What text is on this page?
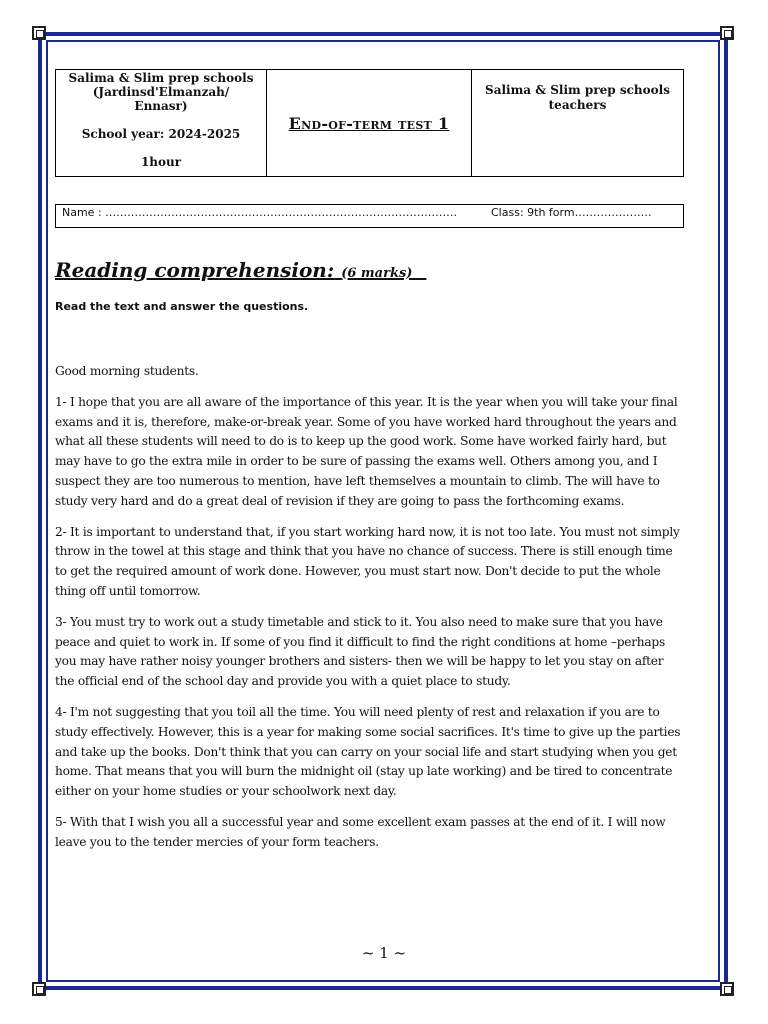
Salima & Slim prep schools
(Jardinsd'Elmanzah/
Ennasr)
School year: 2024-2025
1hour
End-of-term test 1
Salima & Slim prep schools
teachers
Name : ……………………………………………………………………………………	Class: 9th form…………………
Reading comprehension: (6 marks)
Read the text and answer the questions.

Good morning students.

1- I hope that you are all aware of the importance of this year. It is the year when you will take your final exams and it is, therefore, make-or-break year. Some of you have worked hard throughout the years and what all these students will need to do is to keep up the good work. Some have worked fairly hard, but may have to go the extra mile in order to be sure of passing the exams well. Others among you, and I suspect they are too numerous to mention, have left themselves a mountain to climb. The will have to study very hard and do a great deal of revision if they are going to pass the forthcoming exams.

2- It is important to understand that, if you start working hard now, it is not too late. You must not simply throw in the towel at this stage and think that you have no chance of success. There is still enough time to get the required amount of work done. However, you must start now. Don't decide to put the whole thing off until tomorrow.

3- You must try to work out a study timetable and stick to it. You also need to make sure that you have peace and quiet to work in. If some of you find it difficult to find the right conditions at home –perhaps you may have rather noisy younger brothers and sisters- then we will be happy to let you stay on after the official end of the school day and provide you with a quiet place to study.

4- I'm not suggesting that you toil all the time. You will need plenty of rest and relaxation if you are to study effectively. However, this is a year for making some social sacrifices. It's time to give up the parties and take up the books. Don't think that you can carry on your social life and start studying when you get home. That means that you will burn the midnight oil (stay up late working) and be tired to concentrate either on your home studies or your schoolwork next day.

5- With that I wish you all a successful year and some excellent exam passes at the end of it. I will now leave you to the tender mercies of your form teachers.

~ 1 ~
